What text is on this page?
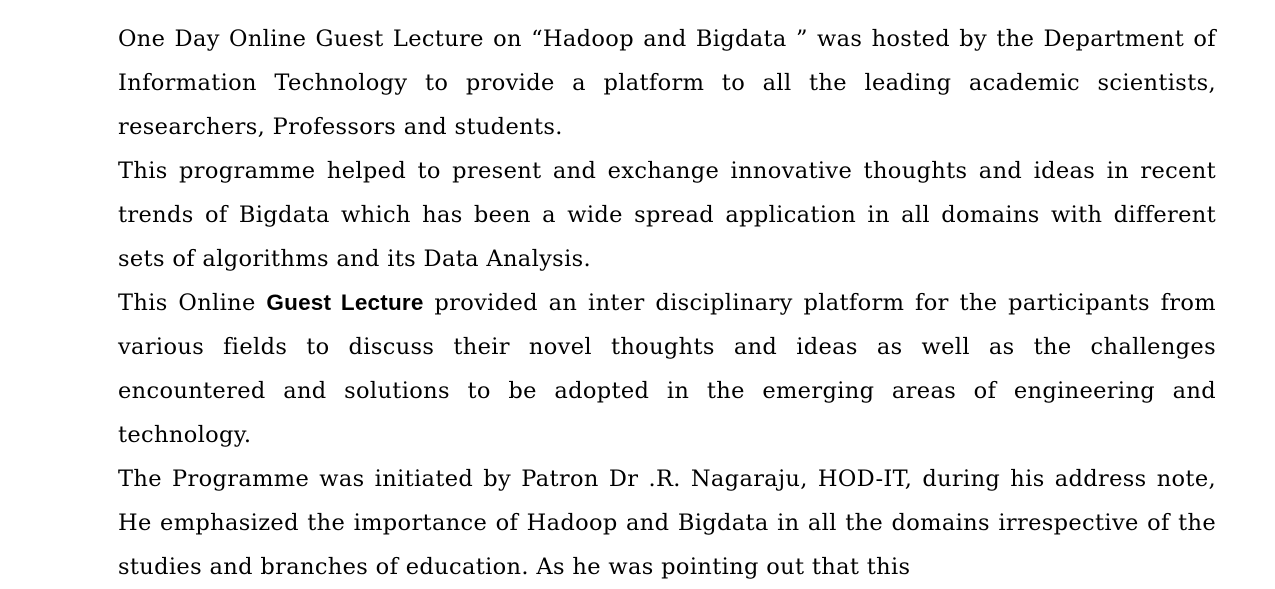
One Day Online Guest Lecture on “Hadoop and Bigdata ” was hosted by the Department of Information Technology to provide a platform to all the leading academic scientists, researchers, Professors and students.

This programme helped to present and exchange innovative thoughts and ideas in recent trends of Bigdata which has been a wide spread application in all domains with different sets of algorithms and its Data Analysis.

This Online Guest Lecture provided an inter disciplinary platform for the participants from various fields to discuss their novel thoughts and ideas as well as the challenges encountered and solutions to be adopted in the emerging areas of engineering and technology.

The Programme was initiated by Patron Dr .R. Nagaraju, HOD-IT, during his address note, He emphasized the importance of Hadoop and Bigdata in all the domains irrespective of the studies and branches of education. As he was pointing out that this
